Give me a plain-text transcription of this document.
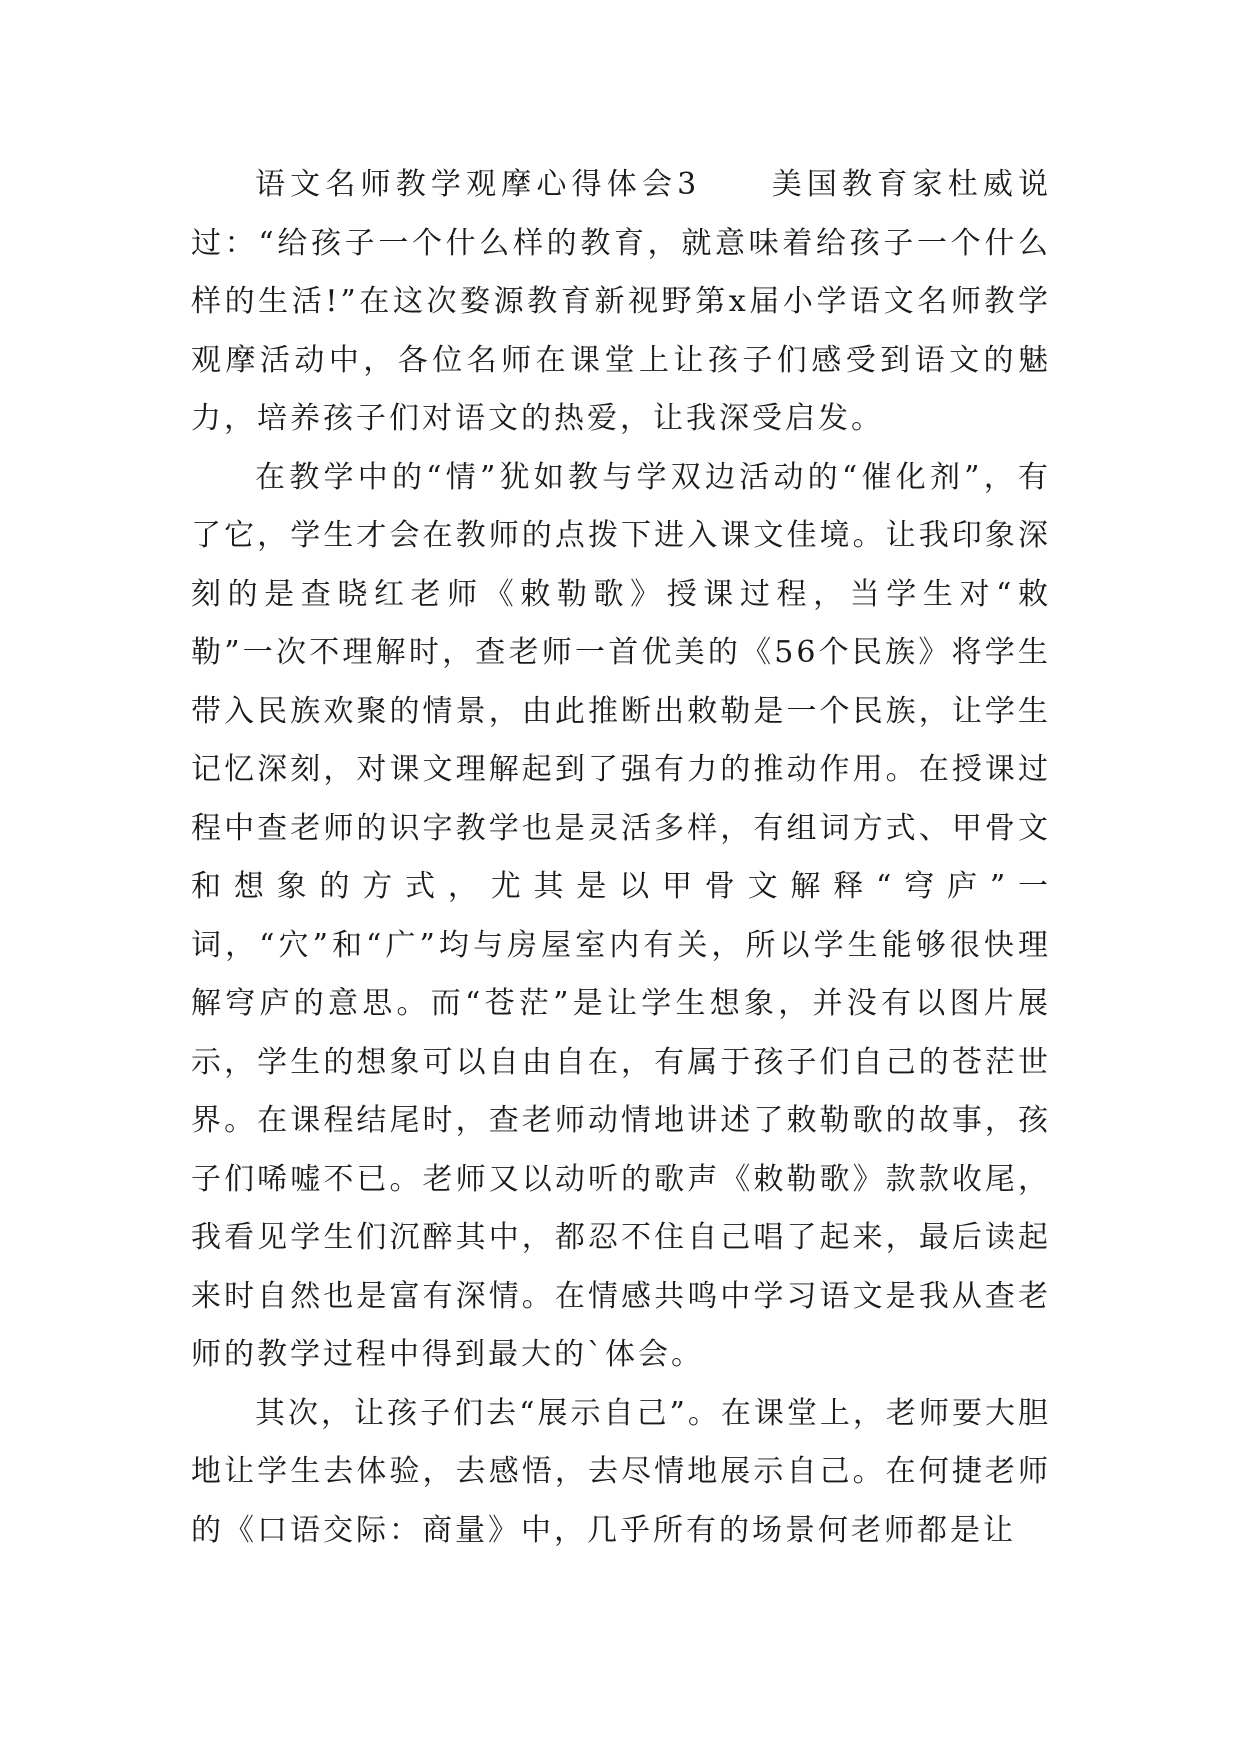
语文名师教学观摩心得体会3　　美国教育家杜威说过：“给孩子一个什么样的教育，就意味着给孩子一个什么样的生活!”在这次婺源教育新视野第x届小学语文名师教学观摩活动中，各位名师在课堂上让孩子们感受到语文的魅力，培养孩子们对语文的热爱，让我深受启发。

在教学中的“情”犹如教与学双边活动的“催化剂”，有了它，学生才会在教师的点拨下进入课文佳境。让我印象深刻的是查晓红老师《敕勒歌》授课过程，当学生对“敕勒”一次不理解时，查老师一首优美的《56个民族》将学生带入民族欢聚的情景，由此推断出敕勒是一个民族，让学生记忆深刻，对课文理解起到了强有力的推动作用。在授课过程中查老师的识字教学也是灵活多样，有组词方式、甲骨文和想象的方式，尤其是以甲骨文解释“穹庐”一词，“穴”和“广”均与房屋室内有关，所以学生能够很快理解穹庐的意思。而“苍茫”是让学生想象，并没有以图片展示，学生的想象可以自由自在，有属于孩子们自己的苍茫世界。在课程结尾时，查老师动情地讲述了敕勒歌的故事，孩子们唏嘘不已。老师又以动听的歌声《敕勒歌》款款收尾，我看见学生们沉醉其中，都忍不住自己唱了起来，最后读起来时自然也是富有深情。在情感共鸣中学习语文是我从查老师的教学过程中得到最大的`体会。

其次，让孩子们去“展示自己”。在课堂上，老师要大胆地让学生去体验，去感悟，去尽情地展示自己。在何捷老师的《口语交际：商量》中，几乎所有的场景何老师都是让
